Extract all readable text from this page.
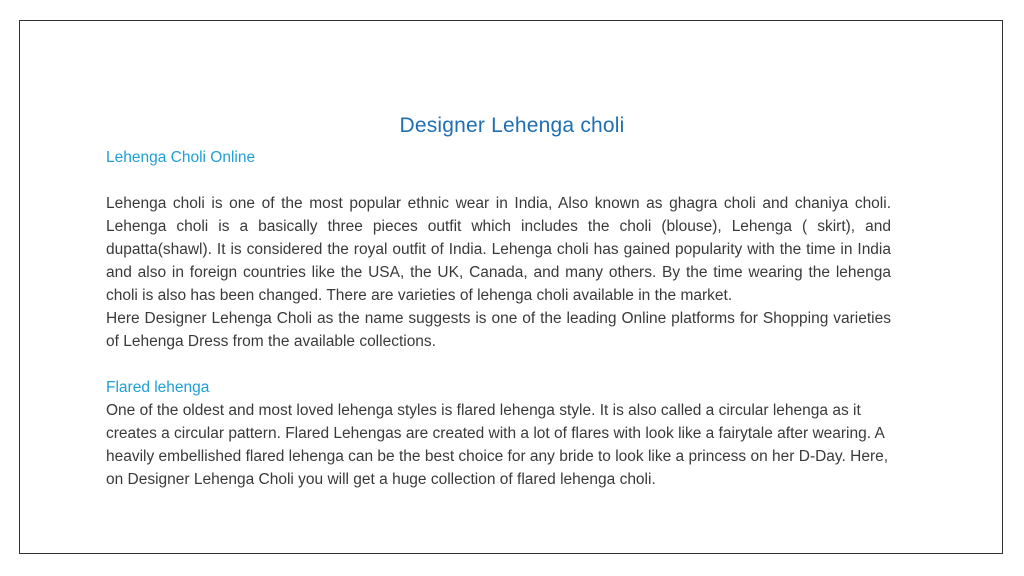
Designer Lehenga choli
Lehenga Choli Online

Lehenga choli is one of the most popular ethnic wear in India, Also known as ghagra choli and chaniya choli. Lehenga choli is a basically three pieces outfit which includes the choli (blouse), Lehenga ( skirt), and dupatta(shawl). It is considered the royal outfit of India. Lehenga choli has gained popularity with the time in India and also in foreign countries like the USA, the UK, Canada, and many others. By the time wearing the lehenga choli is also has been changed. There are varieties of lehenga choli available in the market.

Here Designer Lehenga Choli as the name suggests is one of the leading Online platforms for Shopping varieties of Lehenga Dress from the available collections.

Flared lehenga

One of the oldest and most loved lehenga styles is flared lehenga style. It is also called a circular lehenga as it creates a circular pattern. Flared Lehengas are created with a lot of flares with look like a fairytale after wearing. A heavily embellished flared lehenga can be the best choice for any bride to look like a princess on her D-Day. Here, on Designer Lehenga Choli you will get a huge collection of flared lehenga choli.
